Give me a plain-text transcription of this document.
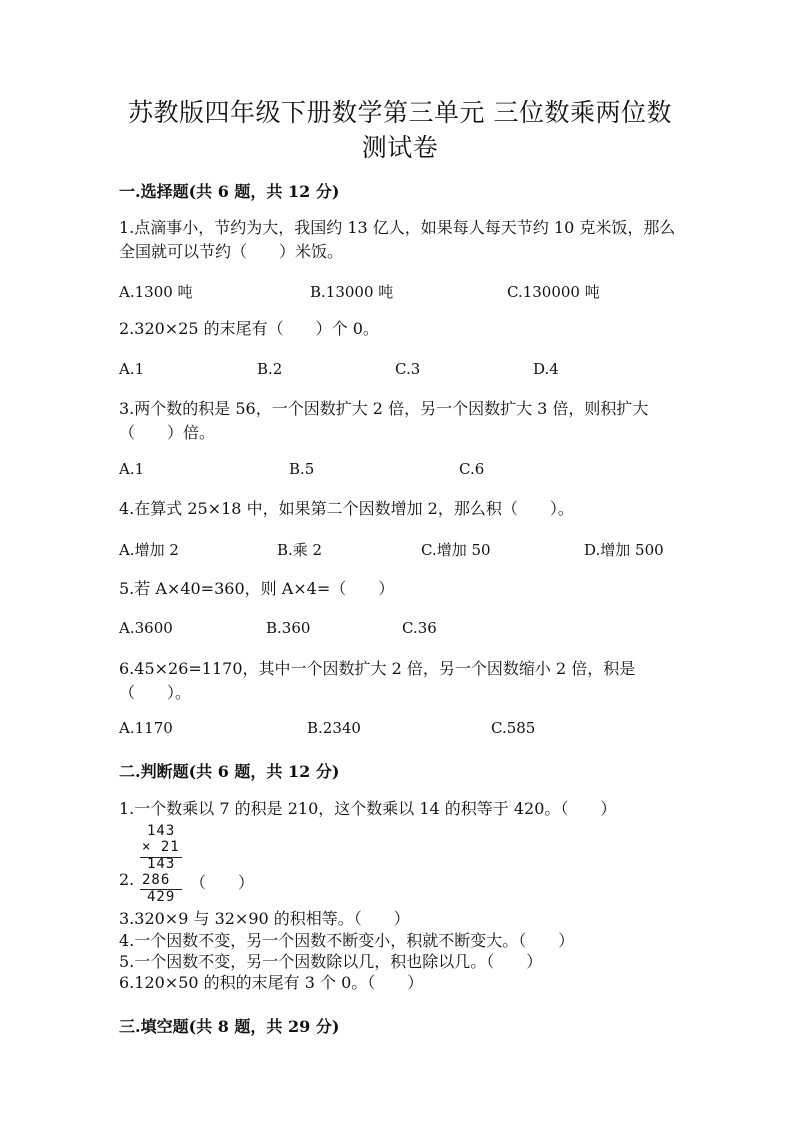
苏教版四年级下册数学第三单元 三位数乘两位数
测试卷
一.选择题(共 6 题，共 12 分)
1.点滴事小，节约为大，我国约 13 亿人，如果每人每天节约 10 克米饭，那么全国就可以节约（　　）米饭。
A.1300 吨	B.13000 吨	C.130000 吨
2.320×25 的末尾有（　　）个 0。
A.1	B.2	C.3	D.4
3.两个数的积是 56，一个因数扩大 2 倍，另一个因数扩大 3 倍，则积扩大（　　）倍。
A.1	B.5	C.6
4.在算式 25×18 中，如果第二个因数增加 2，那么积（　　）。
A.增加 2	B.乘 2	C.增加 50	D.增加 500
5.若 A×40=360，则 A×4=（　　）
A.3600	B.360	C.36
6.45×26=1170，其中一个因数扩大 2 倍，另一个因数缩小 2 倍，积是（　　）。
A.1170	B.2340	C.585
二.判断题(共 6 题，共 12 分)
1.一个数乘以 7 的积是 210，这个数乘以 14 的积等于 420。（　　）
143
× 21
143
286
429
2.	（　　）
3.320×9 与 32×90 的积相等。（　　）
4.一个因数不变，另一个因数不断变小，积就不断变大。（　　）
5.一个因数不变，另一个因数除以几，积也除以几。（　　）
6.120×50 的积的末尾有 3 个 0。（　　）
三.填空题(共 8 题，共 29 分)
